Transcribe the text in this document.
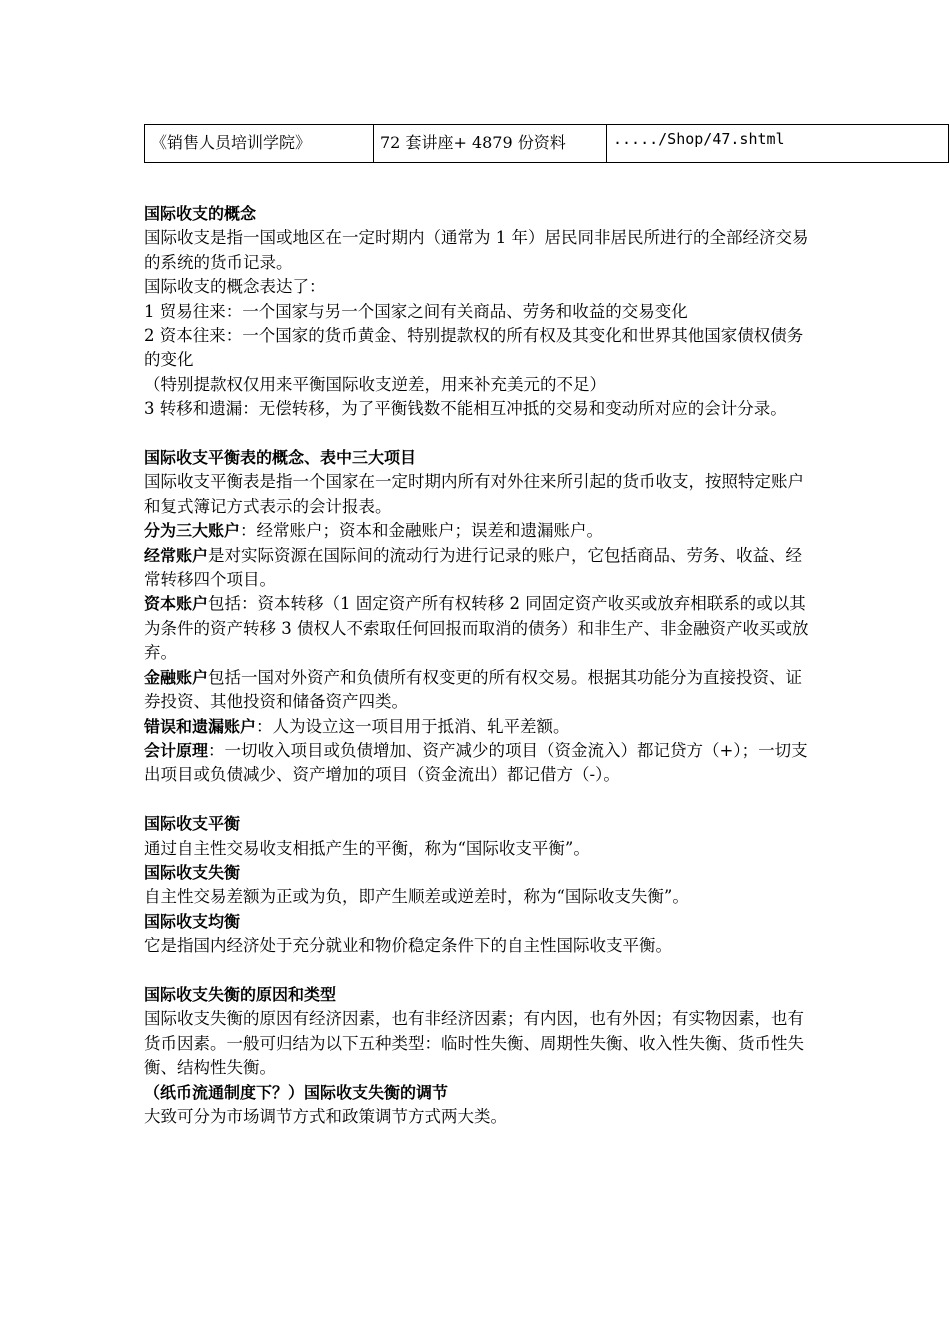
《销售人员培训学院》	72 套讲座+ 4879 份资料	...../Shop/47.shtml

国际收支的概念

国际收支是指一国或地区在一定时期内（通常为 1 年）居民同非居民所进行的全部经济交易的系统的货币记录。

国际收支的概念表达了：

1 贸易往来：一个国家与另一个国家之间有关商品、劳务和收益的交易变化

2 资本往来：一个国家的货币黄金、特别提款权的所有权及其变化和世界其他国家债权债务的变化

（特别提款权仅用来平衡国际收支逆差，用来补充美元的不足）

3 转移和遗漏：无偿转移，为了平衡钱数不能相互冲抵的交易和变动所对应的会计分录。

国际收支平衡表的概念、表中三大项目

国际收支平衡表是指一个国家在一定时期内所有对外往来所引起的货币收支，按照特定账户和复式簿记方式表示的会计报表。

分为三大账户：经常账户；资本和金融账户；误差和遗漏账户。

经常账户是对实际资源在国际间的流动行为进行记录的账户，它包括商品、劳务、收益、经常转移四个项目。

资本账户包括：资本转移（1 固定资产所有权转移 2 同固定资产收买或放弃相联系的或以其为条件的资产转移 3 债权人不索取任何回报而取消的债务）和非生产、非金融资产收买或放弃。

金融账户包括一国对外资产和负债所有权变更的所有权交易。根据其功能分为直接投资、证券投资、其他投资和储备资产四类。

错误和遗漏账户：人为设立这一项目用于抵消、轧平差额。

会计原理：一切收入项目或负债增加、资产减少的项目（资金流入）都记贷方（+）；一切支出项目或负债减少、资产增加的项目（资金流出）都记借方（-）。

国际收支平衡

通过自主性交易收支相抵产生的平衡，称为“国际收支平衡”。

国际收支失衡

自主性交易差额为正或为负，即产生顺差或逆差时，称为“国际收支失衡”。

国际收支均衡

它是指国内经济处于充分就业和物价稳定条件下的自主性国际收支平衡。

国际收支失衡的原因和类型

国际收支失衡的原因有经济因素，也有非经济因素；有内因，也有外因；有实物因素，也有货币因素。一般可归结为以下五种类型：临时性失衡、周期性失衡、收入性失衡、货币性失衡、结构性失衡。

（纸币流通制度下？）国际收支失衡的调节

大致可分为市场调节方式和政策调节方式两大类。
